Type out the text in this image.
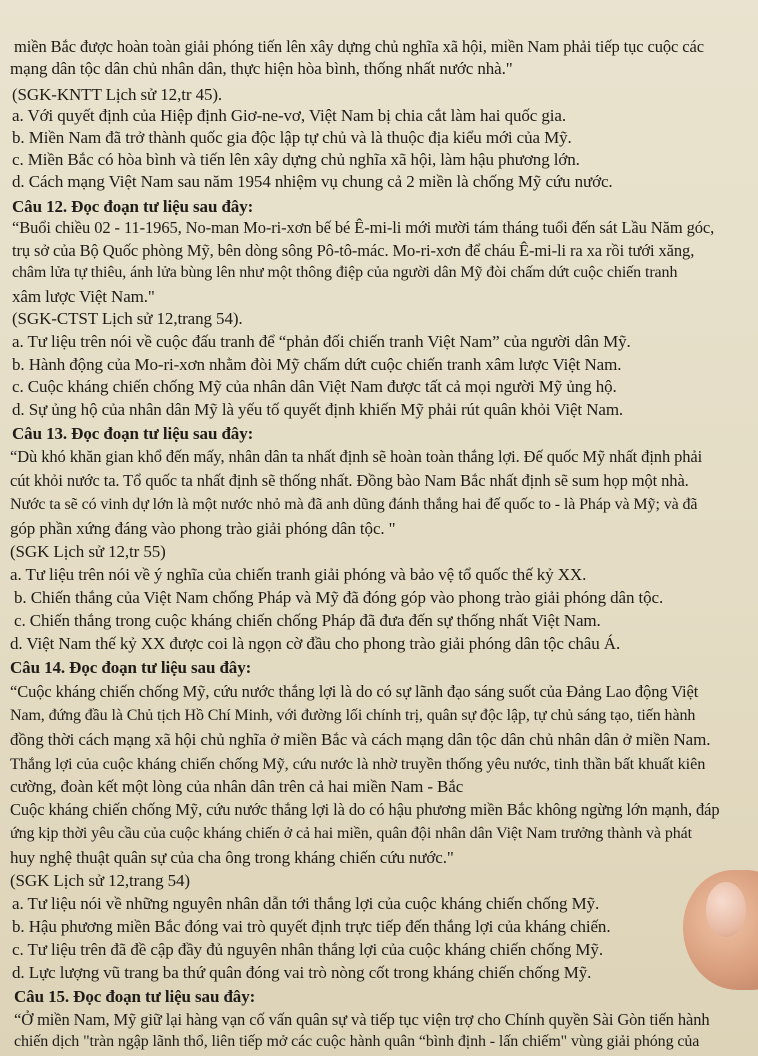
miền Bắc được hoàn toàn giải phóng tiến lên xây dựng chủ nghĩa xã hội, miền Nam phải tiếp tục cuộc các
mạng dân tộc dân chủ nhân dân, thực hiện hòa bình, thống nhất nước nhà."
(SGK-KNTT Lịch sử 12,tr 45).
a. Với quyết định của Hiệp định Giơ-ne-vơ, Việt Nam bị chia cắt làm hai quốc gia.
b. Miền Nam đã trở thành quốc gia độc lập tự chủ và là thuộc địa kiểu mới của Mỹ.
c. Miền Bắc có hòa bình và tiến lên xây dựng chủ nghĩa xã hội, làm hậu phương lớn.
d. Cách mạng Việt Nam sau năm 1954 nhiệm vụ chung cả 2 miền là chống Mỹ cứu nước.
Câu 12. Đọc đoạn tư liệu sau đây:
“Buổi chiều 02 - 11-1965, No-man Mo-ri-xơn bế bé Ê-mi-li mới mười tám tháng tuổi đến sát Lầu Năm góc,
trụ sở của Bộ Quốc phòng Mỹ, bên dòng sông Pô-tô-mác. Mo-ri-xơn để cháu Ê-mi-li ra xa rồi tưới xăng,
châm lửa tự thiêu, ánh lửa bùng lên như một thông điệp của người dân Mỹ đòi chấm dứt cuộc chiến tranh
xâm lược Việt Nam."
(SGK-CTST Lịch sử 12,trang 54).
a. Tư liệu trên nói về cuộc đấu tranh để “phản đối chiến tranh Việt Nam” của người dân Mỹ.
b. Hành động của Mo-ri-xơn nhằm đòi Mỹ chấm dứt cuộc chiến tranh xâm lược Việt Nam.
c. Cuộc kháng chiến chống Mỹ của nhân dân Việt Nam được tất cả mọi người Mỹ ủng hộ.
d. Sự ủng hộ của nhân dân Mỹ là yếu tố quyết định khiến Mỹ phải rút quân khỏi Việt Nam.
Câu 13. Đọc đoạn tư liệu sau đây:
“Dù khó khăn gian khổ đến mấy, nhân dân ta nhất định sẽ hoàn toàn thắng lợi. Đế quốc Mỹ nhất định phải
cút khỏi nước ta. Tổ quốc ta nhất định sẽ thống nhất. Đồng bào Nam Bắc nhất định sẽ sum họp một nhà.
Nước ta sẽ có vinh dự lớn là một nước nhỏ mà đã anh dũng đánh thắng hai đế quốc to - là Pháp và Mỹ; và đã
góp phần xứng đáng vào phong trào giải phóng dân tộc. "
(SGK Lịch sử 12,tr 55)
a. Tư liệu trên nói về ý nghĩa của chiến tranh giải phóng và bảo vệ tổ quốc thế kỷ XX.
b. Chiến thắng của Việt Nam chống Pháp và Mỹ đã đóng góp vào phong trào giải phóng dân tộc.
c. Chiến thắng trong cuộc kháng chiến chống Pháp đã đưa đến sự thống nhất Việt Nam.
d. Việt Nam thế kỷ XX được coi là ngọn cờ đầu cho phong trào giải phóng dân tộc châu Á.
Câu 14. Đọc đoạn tư liệu sau đây:
“Cuộc kháng chiến chống Mỹ, cứu nước thắng lợi là do có sự lãnh đạo sáng suốt của Đảng Lao động Việt
Nam, đứng đầu là Chủ tịch Hồ Chí Minh, với đường lối chính trị, quân sự độc lập, tự chủ sáng tạo, tiến hành
đồng thời cách mạng xã hội chủ nghĩa ở miền Bắc và cách mạng dân tộc dân chủ nhân dân ở miền Nam.
Thắng lợi của cuộc kháng chiến chống Mỹ, cứu nước là nhờ truyền thống yêu nước, tinh thần bất khuất kiên
cường, đoàn kết một lòng của nhân dân trên cả hai miền Nam - Bắc
Cuộc kháng chiến chống Mỹ, cứu nước thắng lợi là do có hậu phương miền Bắc không ngừng lớn mạnh, đáp
ứng kịp thời yêu cầu của cuộc kháng chiến ở cả hai miền, quân đội nhân dân Việt Nam trưởng thành và phát
huy nghệ thuật quân sự của cha ông trong kháng chiến cứu nước."
(SGK Lịch sử 12,trang 54)
a. Tư liệu nói về những nguyên nhân dẫn tới thắng lợi của cuộc kháng chiến chống Mỹ.
b. Hậu phương miền Bắc đóng vai trò quyết định trực tiếp đến thắng lợi của kháng chiến.
c. Tư liệu trên đã đề cập đầy đủ nguyên nhân thắng lợi của cuộc kháng chiến chống Mỹ.
d. Lực lượng vũ trang ba thứ quân đóng vai trò nòng cốt trong kháng chiến chống Mỹ.
Câu 15. Đọc đoạn tư liệu sau đây:
“Ở miền Nam, Mỹ giữ lại hàng vạn cố vấn quân sự và tiếp tục viện trợ cho Chính quyền Sài Gòn tiến hành
chiến dịch "tràn ngập lãnh thổ, liên tiếp mở các cuộc hành quân “bình định - lấn chiếm" vùng giải phóng của
